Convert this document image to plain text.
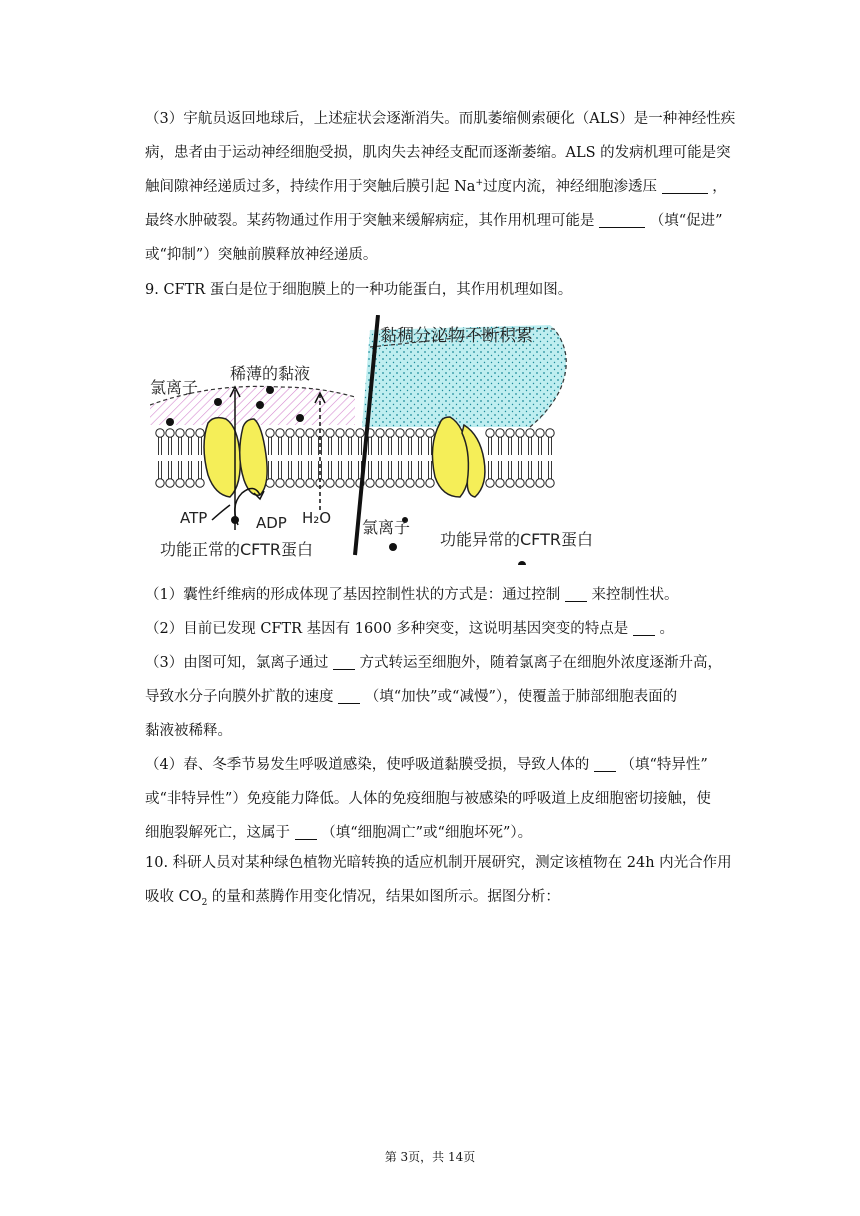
（3）宇航员返回地球后，上述症状会逐渐消失。而肌萎缩侧索硬化（ALS）是一种神经性疾
病，患者由于运动神经细胞受损，肌肉失去神经支配而逐渐萎缩。ALS 的发病机理可能是突
触间隙神经递质过多，持续作用于突触后膜引起 Na+过度内流，神经细胞渗透压	，
最终水肿破裂。某药物通过作用于突触来缓解病症，其作用机理可能是	（填“促进”
或“抑制”）突触前膜释放神经递质。
9. CFTR 蛋白是位于细胞膜上的一种功能蛋白，其作用机理如图。
黏稠分泌物不断积累
稀薄的黏液
氯离子
ATP	ADP H₂O 氯离子
功能正常的CFTR蛋白
功能异常的CFTR蛋白
（1）囊性纤维病的形成体现了基因控制性状的方式是：通过控制 来控制性状。
（2）目前已发现 CFTR 基因有 1600 多种突变，这说明基因突变的特点是 。
（3）由图可知，氯离子通过 方式转运至细胞外，随着氯离子在细胞外浓度逐渐升高，
导致水分子向膜外扩散的速度 （填“加快”或“减慢”），使覆盖于肺部细胞表面的
黏液被稀释。
（4）春、冬季节易发生呼吸道感染，使呼吸道黏膜受损，导致人体的 （填“特异性”
或“非特异性”）免疫能力降低。人体的免疫细胞与被感染的呼吸道上皮细胞密切接触，使
细胞裂解死亡，这属于 （填“细胞凋亡”或“细胞坏死”）。
10. 科研人员对某种绿色植物光暗转换的适应机制开展研究，测定该植物在 24h 内光合作用
吸收 $CO_2$ 的量和蒸腾作用变化情况，结果如图所示。据图分析：
第 3页，共 14页
